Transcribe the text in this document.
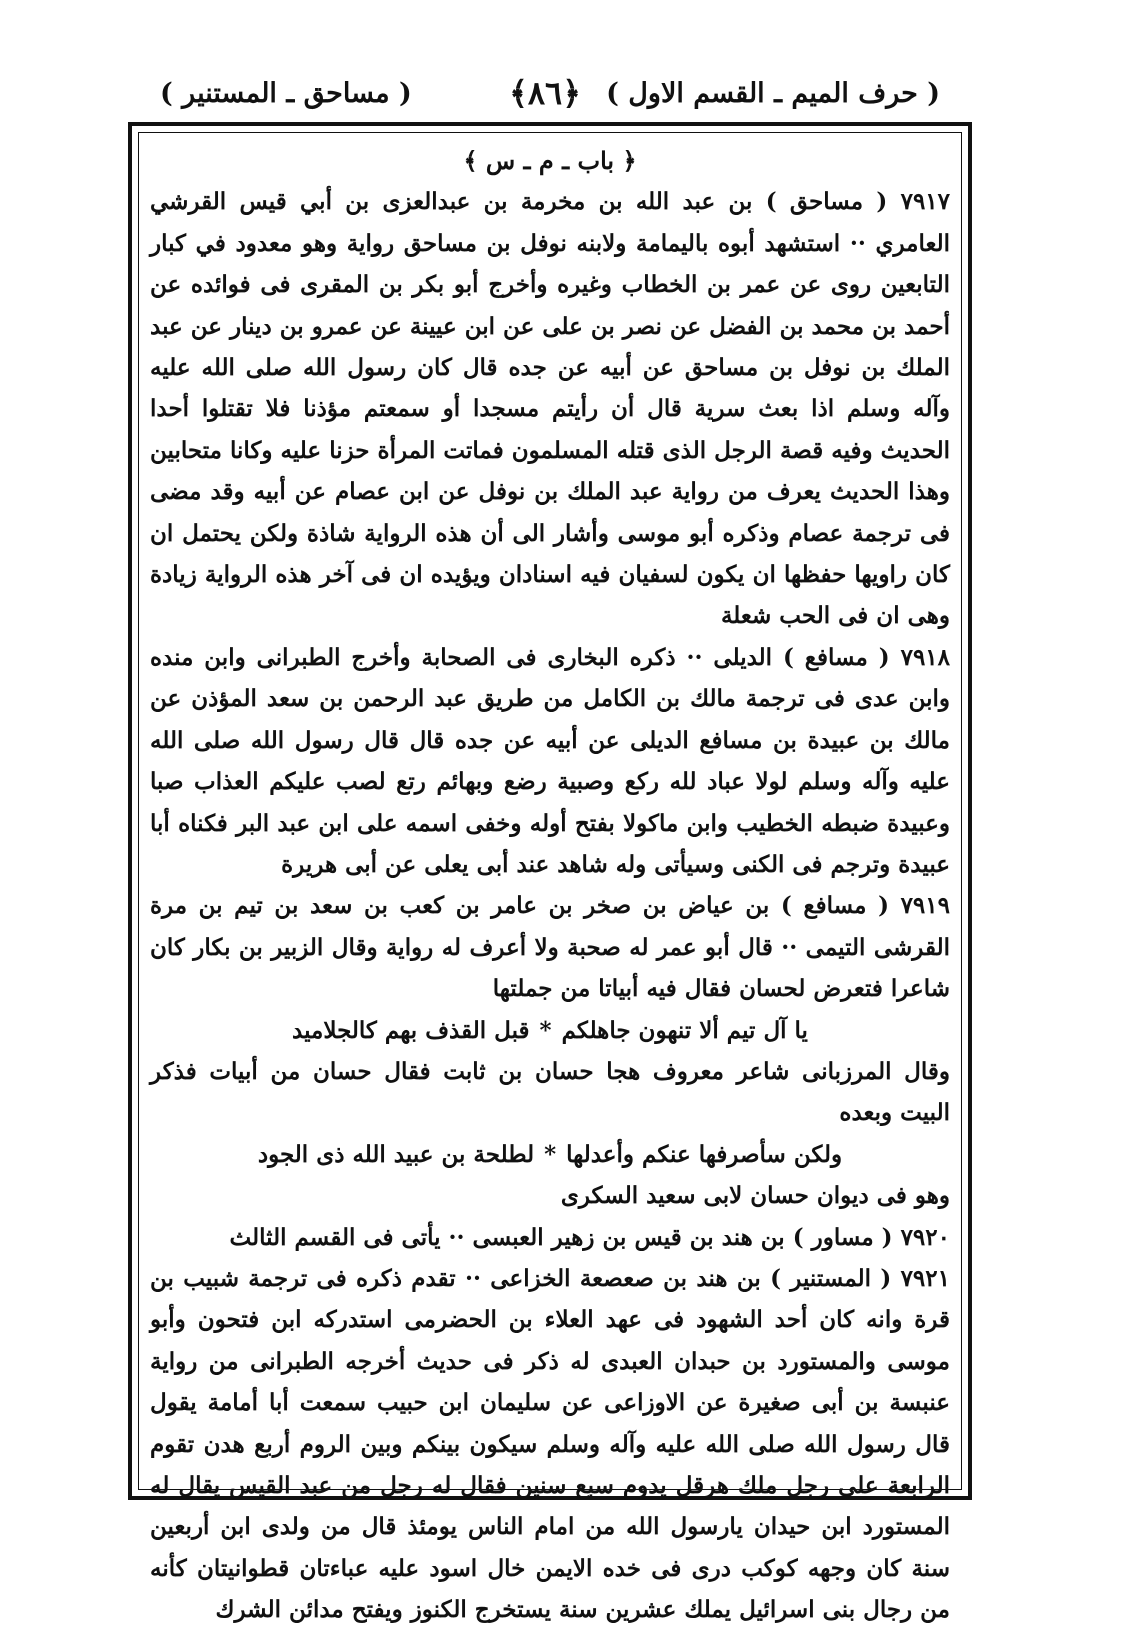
( حرف الميم ـ القسم الاول )
﴿٨٦﴾
( مساحق ـ المستنير )
﴿ باب ـ م ـ س ﴾

٧٩١٧ ( مساحق ) بن عبد الله بن مخرمة بن عبدالعزى بن أبي قيس القرشي العامري ·· استشهد أبوه باليمامة ولابنه نوفل بن مساحق رواية وهو معدود في كبار التابعين روى عن عمر بن الخطاب وغيره وأخرج أبو بكر بن المقرى فى فوائده عن أحمد بن محمد بن الفضل عن نصر بن على عن ابن عيينة عن عمرو بن دينار عن عبد الملك بن نوفل بن مساحق عن أبيه عن جده قال كان رسول الله صلى الله عليه وآله وسلم اذا بعث سرية قال أن رأيتم مسجدا أو سمعتم مؤذنا فلا تقتلوا أحدا الحديث وفيه قصة الرجل الذى قتله المسلمون فماتت المرأة حزنا عليه وكانا متحابين وهذا الحديث يعرف من رواية عبد الملك بن نوفل عن ابن عصام عن أبيه وقد مضى فى ترجمة عصام وذكره أبو موسى وأشار الى أن هذه الرواية شاذة ولكن يحتمل ان كان راويها حفظها ان يكون لسفيان فيه اسنادان ويؤيده ان فى آخر هذه الرواية زيادة وهى ان فى الحب شعلة

٧٩١٨ ( مسافع ) الديلى ·· ذكره البخارى فى الصحابة وأخرج الطبرانى وابن منده وابن عدى فى ترجمة مالك بن الكامل من طريق عبد الرحمن بن سعد المؤذن عن مالك بن عبيدة بن مسافع الديلى عن أبيه عن جده قال قال رسول الله صلى الله عليه وآله وسلم لولا عباد لله ركع وصبية رضع وبهائم رتع لصب عليكم العذاب صبا وعبيدة ضبطه الخطيب وابن ماكولا بفتح أوله وخفى اسمه على ابن عبد البر فكناه أبا عبيدة وترجم فى الكنى وسيأتى وله شاهد عند أبى يعلى عن أبى هريرة

٧٩١٩ ( مسافع ) بن عياض بن صخر بن عامر بن كعب بن سعد بن تيم بن مرة القرشى التيمى ·· قال أبو عمر له صحبة ولا أعرف له رواية وقال الزبير بن بكار كان شاعرا فتعرض لحسان فقال فيه أبياتا من جملتها

يا آل تيم ألا تنهون جاهلكم*قبل القذف بهم كالجلاميد

وقال المرزبانى شاعر معروف هجا حسان بن ثابت فقال حسان من أبيات فذكر البيت وبعده

ولكن سأصرفها عنكم وأعدلها*لطلحة بن عبيد الله ذى الجود

وهو فى ديوان حسان لابى سعيد السكرى

٧٩٢٠ ( مساور ) بن هند بن قيس بن زهير العبسى ·· يأتى فى القسم الثالث

٧٩٢١ ( المستنير ) بن هند بن صعصعة الخزاعى ·· تقدم ذكره فى ترجمة شبيب بن قرة وانه كان أحد الشهود فى عهد العلاء بن الحضرمى استدركه ابن فتحون وأبو موسى والمستورد بن حبدان العبدى له ذكر فى حديث أخرجه الطبرانى من رواية عنبسة بن أبى صغيرة عن الاوزاعى عن سليمان ابن حبيب سمعت أبا أمامة يقول قال رسول الله صلى الله عليه وآله وسلم سيكون بينكم وبين الروم أربع هدن تقوم الرابعة على رجل ملك هرقل يدوم سبع سنين فقال له رجل من عبد القيس يقال له المستورد ابن حيدان يارسول الله من امام الناس يومئذ قال من ولدى ابن أربعين سنة كان وجهه كوكب درى فى خده الايمن خال اسود عليه عباءتان قطوانيتان كأنه من رجال بنى اسرائيل يملك عشرين سنة يستخرج الكنوز ويفتح مدائن الشرك
